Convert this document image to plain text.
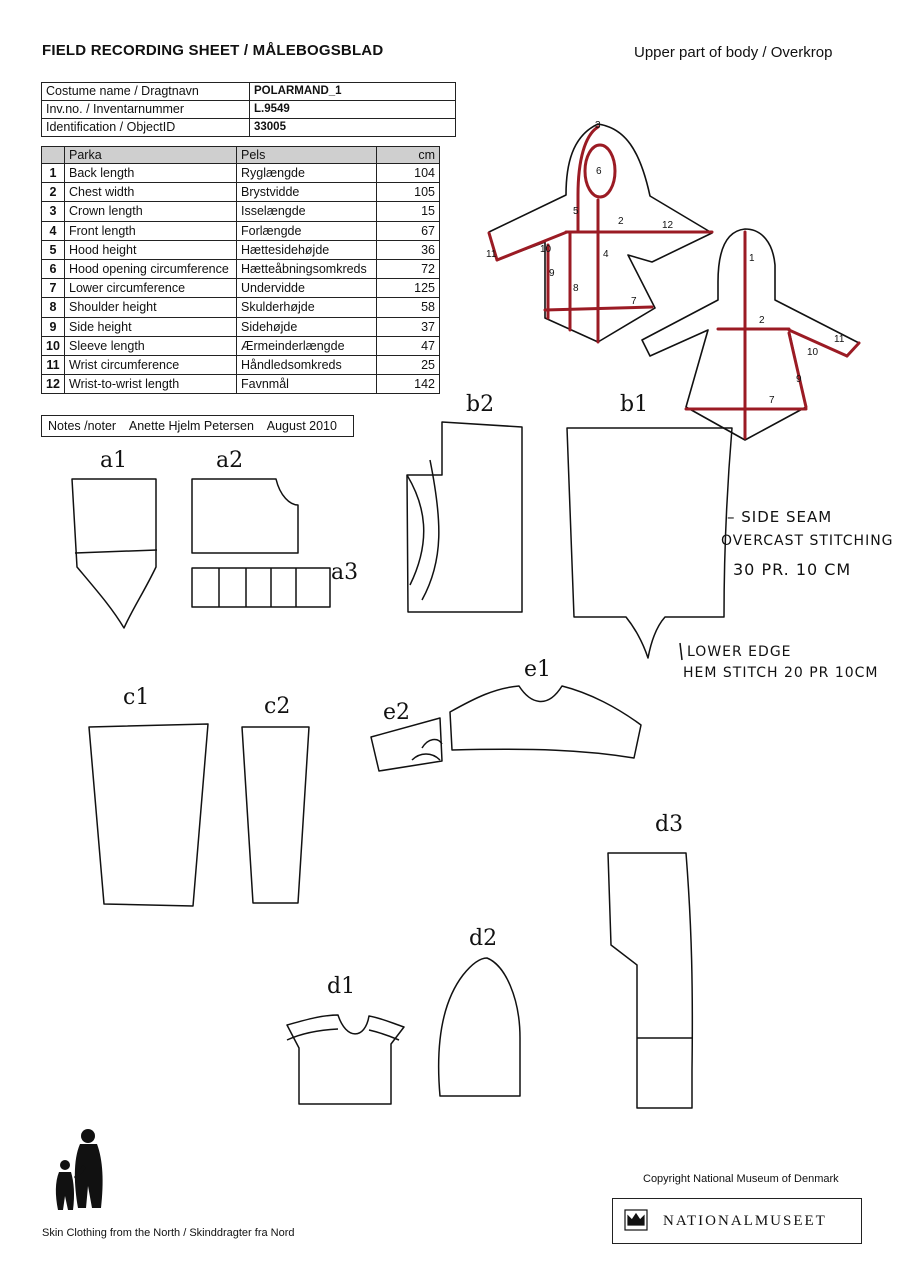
FIELD RECORDING SHEET / MÅLEBOGSBLAD	Upper part of body / Overkrop
Costume name / Dragtnavn	POLARMAND_1
Inv.no. / Inventarnummer	L.9549
Identification / ObjectID	33005
	Parka	Pels	cm
1	Back length	Ryglængde	104
2	Chest width	Brystvidde	105
3	Crown length	Isselængde	15
4	Front length	Forlængde	67
5	Hood height	Hættesidehøjde	36
6	Hood opening circumference	Hætteåbningsomkreds	72
7	Lower circumference	Undervidde	125
8	Shoulder height	Skulderhøjde	58
9	Side height	Sidehøjde	37
10	Sleeve length	Ærmeinderlængde	47
11	Wrist circumference	Håndledsomkreds	25
12	Wrist-to-wrist length	Favnmål	142
Notes /noter Anette Hjelm Petersen August 2010
3
6
5
2	12
11	10
9
4
8
7
1
2
10
11
9
7
a1	a2
a3
b2	b1
c1	c2
e1
e2
d3
d2
d1
– SIDE SEAM
OVERCAST STITCHING
30 PR. 10 CM
LOWER EDGE
HEM STITCH 20 PR 10CM
Skin Clothing from the North / Skinddragter fra Nord
Copyright National Museum of Denmark
NATIONALMUSEET
